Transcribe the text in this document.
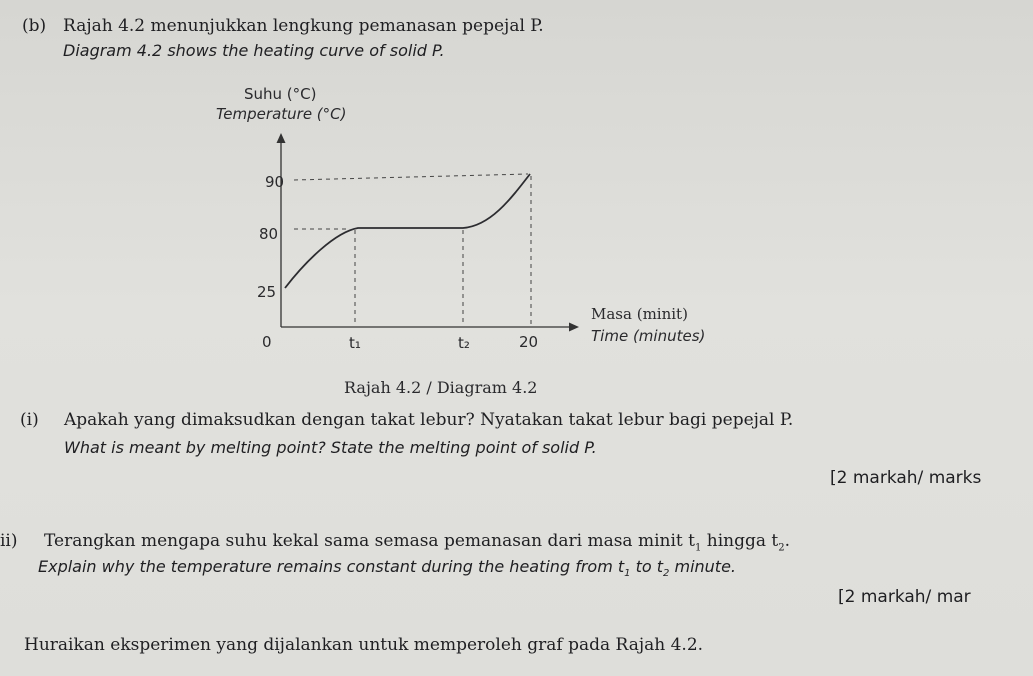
(b) Rajah 4.2 menunjukkan lengkung pemanasan pepejal P.
Diagram 4.2 shows the heating curve of solid P.
Suhu (°C)
Temperature (°C)
90
80
25
0	t₁	t₂	20
Masa (minit)
Time (minutes)
Rajah 4.2 / Diagram 4.2
(i) Apakah yang dimaksudkan dengan takat lebur? Nyatakan takat lebur bagi pepejal P.
What is meant by melting point? State the melting point of solid P.
[2 markah/ marks
ii) Terangkan mengapa suhu kekal sama semasa pemanasan dari masa minit $t_1$ hingga $t_2$.
Explain why the temperature remains constant during the heating from $t_1$ to $t_2$ minute.
[2 markah/ mar
Huraikan eksperimen yang dijalankan untuk memperoleh graf pada Rajah 4.2.
